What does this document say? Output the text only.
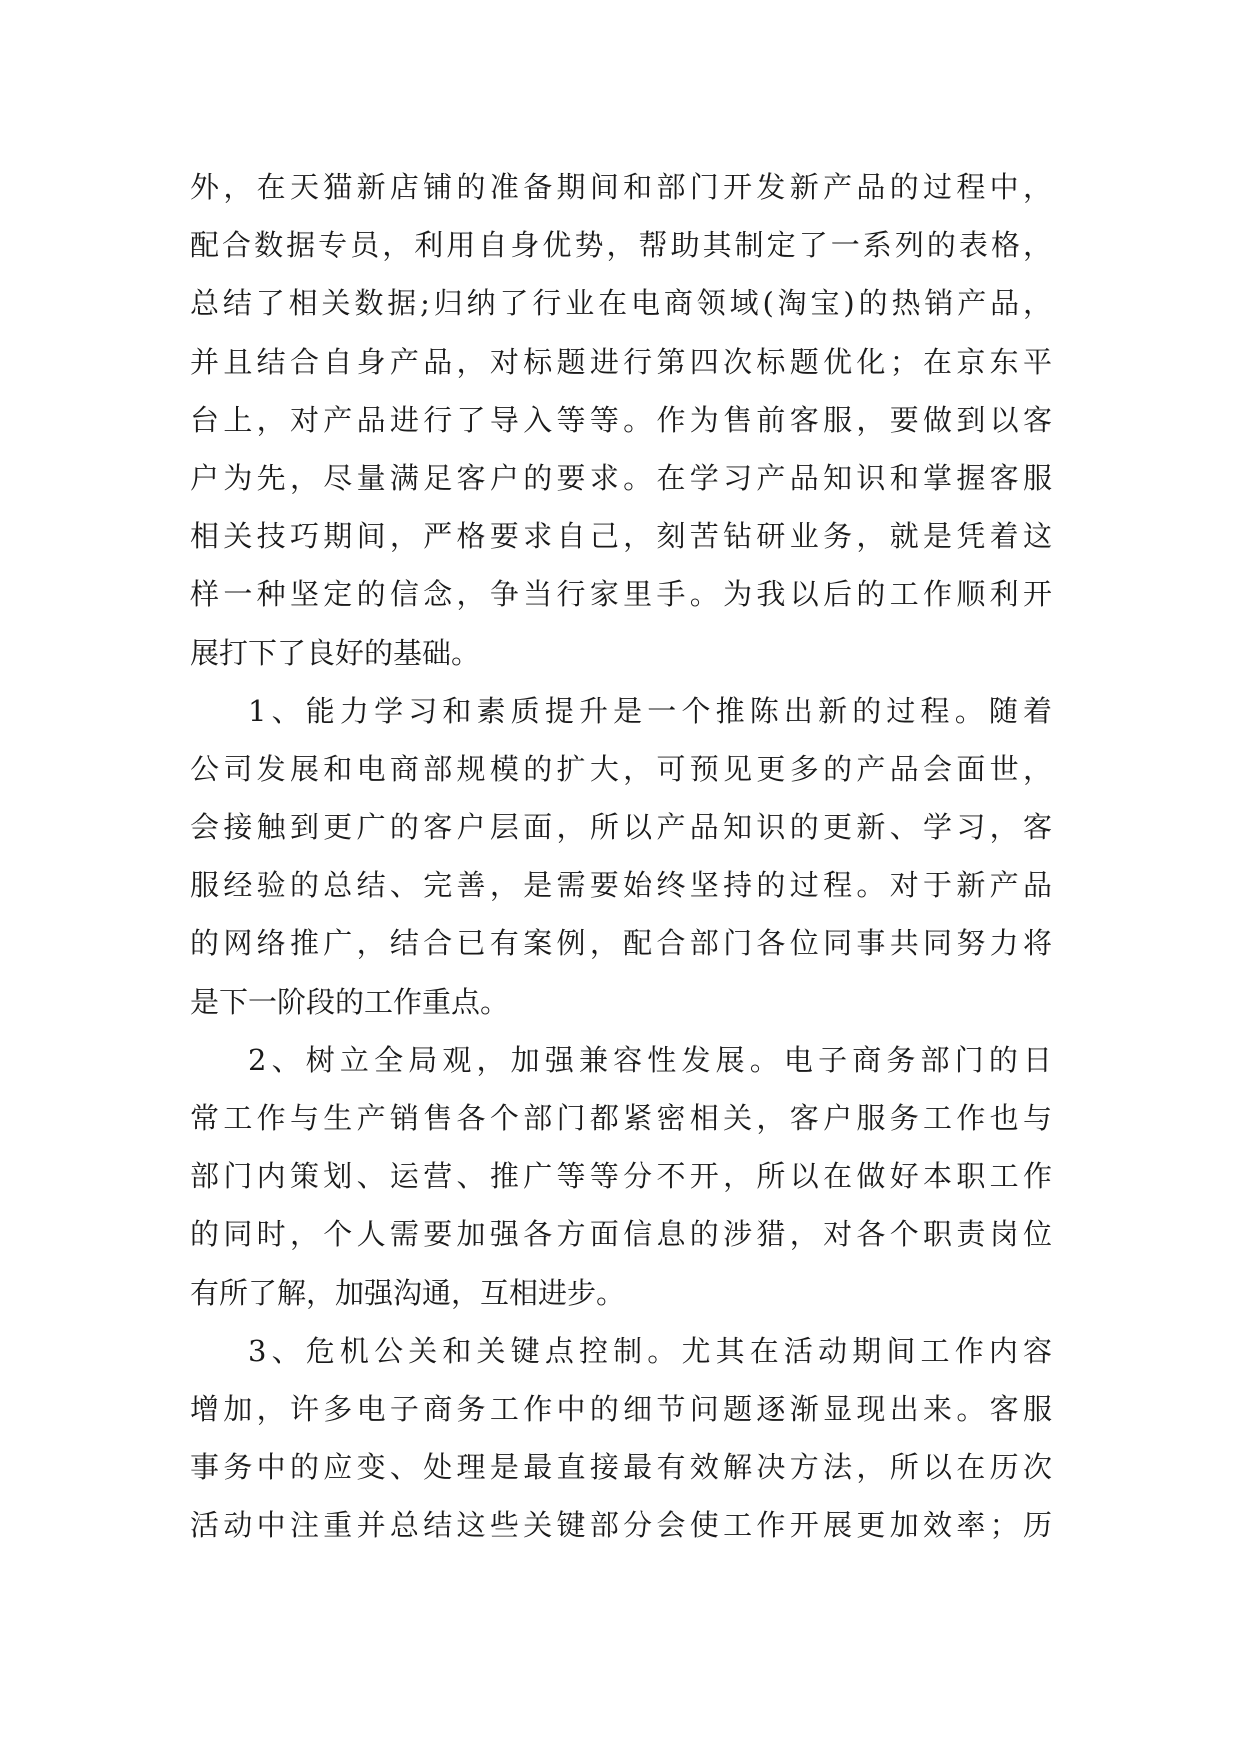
外，在天猫新店铺的准备期间和部门开发新产品的过程中，
配合数据专员，利用自身优势，帮助其制定了一系列的表格，
总结了相关数据;归纳了行业在电商领域(淘宝)的热销产品，
并且结合自身产品，对标题进行第四次标题优化；在京东平
台上，对产品进行了导入等等。作为售前客服，要做到以客
户为先，尽量满足客户的要求。在学习产品知识和掌握客服
相关技巧期间，严格要求自己，刻苦钻研业务，就是凭着这
样一种坚定的信念，争当行家里手。为我以后的工作顺利开
展打下了良好的基础。
1、能力学习和素质提升是一个推陈出新的过程。随着
公司发展和电商部规模的扩大，可预见更多的产品会面世，
会接触到更广的客户层面，所以产品知识的更新、学习，客
服经验的总结、完善，是需要始终坚持的过程。对于新产品
的网络推广，结合已有案例，配合部门各位同事共同努力将
是下一阶段的工作重点。
2、树立全局观，加强兼容性发展。电子商务部门的日
常工作与生产销售各个部门都紧密相关，客户服务工作也与
部门内策划、运营、推广等等分不开，所以在做好本职工作
的同时，个人需要加强各方面信息的涉猎，对各个职责岗位
有所了解，加强沟通，互相进步。
3、危机公关和关键点控制。尤其在活动期间工作内容
增加，许多电子商务工作中的细节问题逐渐显现出来。客服
事务中的应变、处理是最直接最有效解决方法，所以在历次
活动中注重并总结这些关键部分会使工作开展更加效率；历
